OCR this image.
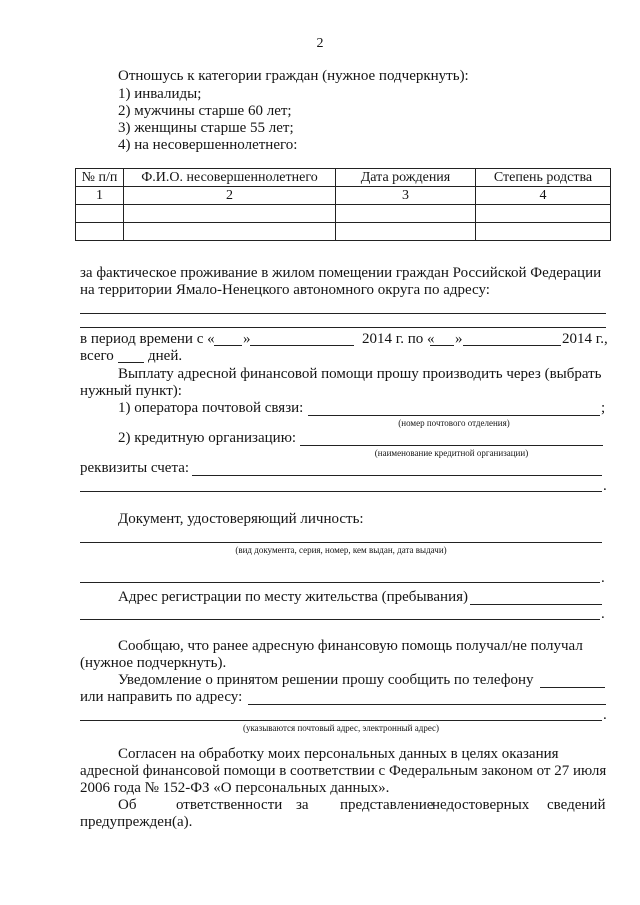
2
Отношусь к категории граждан (нужное подчеркнуть):
1) инвалиды;
2) мужчины старше 60 лет;
3) женщины старше 55 лет;
4) на несовершеннолетнего:
№ п/п	Ф.И.О. несовершеннолетнего	Дата рождения	Степень родства
1	2	3	4

за фактическое проживание в жилом помещении граждан Российской Федерации
на территории Ямало-Ненецкого автономного округа по адресу:
в период времени с « »	2014 г. по « »	2014 г.,
всего дней.
Выплату адресной финансовой помощи прошу производить через (выбрать
нужный пункт):
1) оператора почтовой связи:	;
(номер почтового отделения)
2) кредитную организацию:
(наименование кредитной организации)
реквизиты счета:
.
Документ, удостоверяющий личность:
(вид документа, серия, номер, кем выдан, дата выдачи)
.
Адрес регистрации по месту жительства (пребывания)
.
Сообщаю, что ранее адресную финансовую помощь получал/не получал
(нужное подчеркнуть).
Уведомление о принятом решении прошу сообщить по телефону
или направить по адресу:
.
(указываются почтовый адрес, электронный адрес)
Согласен на обработку моих персональных данных в целях оказания
адресной финансовой помощи в соответствии с Федеральным законом от 27 июля
2006 года № 152-ФЗ «О персональных данных».
Об	ответственности за представление
недостоверных сведений
предупрежден(а).
